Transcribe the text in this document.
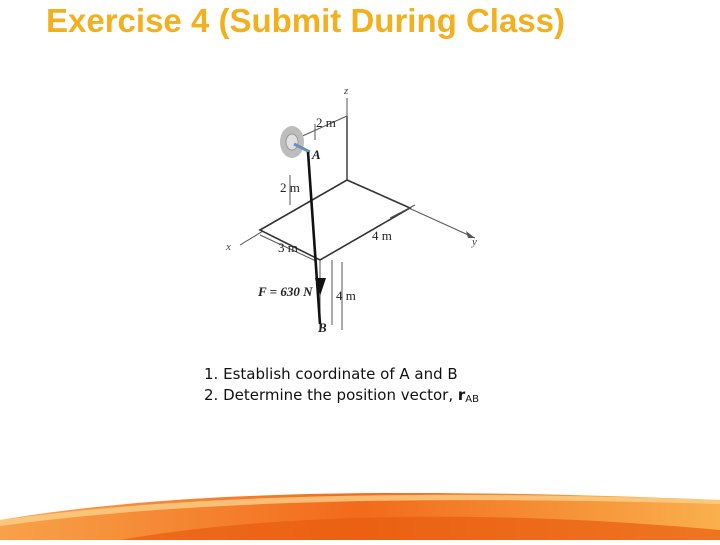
Exercise 4 (Submit During Class)
z
x	y
2 m
2 m
3 m
4 m
4 m
A
F = 630 N
B
1. Establish coordinate of A and B
2. Determine the position vector, $r_{AB}$
